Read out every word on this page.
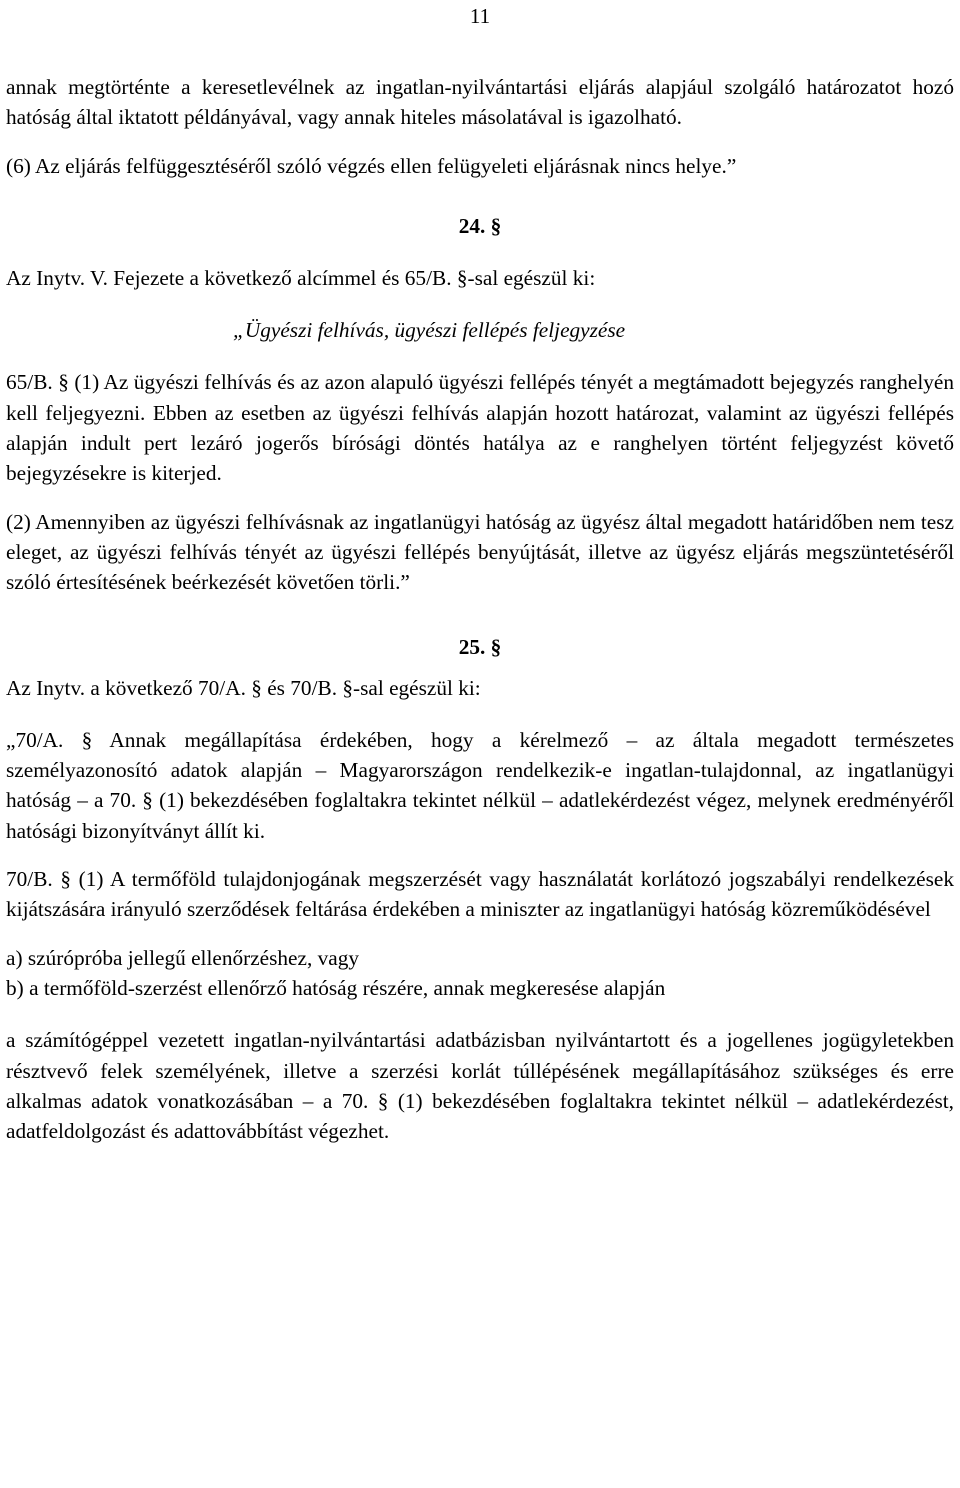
11

annak megtörténte a keresetlevélnek az ingatlan-nyilvántartási eljárás alapjául szolgáló határozatot hozó hatóság által iktatott példányával, vagy annak hiteles másolatával is igazolható.

(6) Az eljárás felfüggesztéséről szóló végzés ellen felügyeleti eljárásnak nincs helye.”

24. §

Az Inytv. V. Fejezete a következő alcímmel és 65/B. §-sal egészül ki:

„Ügyészi felhívás, ügyészi fellépés feljegyzése

65/B. § (1) Az ügyészi felhívás és az azon alapuló ügyészi fellépés tényét a megtámadott bejegyzés ranghelyén kell feljegyezni. Ebben az esetben az ügyészi felhívás alapján hozott határozat, valamint az ügyészi fellépés alapján indult pert lezáró jogerős bírósági döntés hatálya az e ranghelyen történt feljegyzést követő bejegyzésekre is kiterjed.

(2) Amennyiben az ügyészi felhívásnak az ingatlanügyi hatóság az ügyész által megadott határidőben nem tesz eleget, az ügyészi felhívás tényét az ügyészi fellépés benyújtását, illetve az ügyész eljárás megszüntetéséről szóló értesítésének beérkezését követően törli.”

25. §

Az Inytv. a következő 70/A. § és 70/B. §-sal egészül ki:

„70/A. § Annak megállapítása érdekében, hogy a kérelmező – az általa megadott természetes személyazonosító adatok alapján – Magyarországon rendelkezik-e ingatlan-tulajdonnal, az ingatlanügyi hatóság – a 70. § (1) bekezdésében foglaltakra tekintet nélkül – adatlekérdezést végez, melynek eredményéről hatósági bizonyítványt állít ki.

70/B. § (1) A termőföld tulajdonjogának megszerzését vagy használatát korlátozó jogszabályi rendelkezések kijátszására irányuló szerződések feltárása érdekében a miniszter az ingatlanügyi hatóság közreműködésével

a) szúrópróba jellegű ellenőrzéshez, vagy

b) a termőföld-szerzést ellenőrző hatóság részére, annak megkeresése alapján

a számítógéppel vezetett ingatlan-nyilvántartási adatbázisban nyilvántartott és a jogellenes jogügyletekben résztvevő felek személyének, illetve a szerzési korlát túllépésének megállapításához szükséges és erre alkalmas adatok vonatkozásában – a 70. § (1) bekezdésében foglaltakra tekintet nélkül – adatlekérdezést, adatfeldolgozást és adattovábbítást végezhet.
